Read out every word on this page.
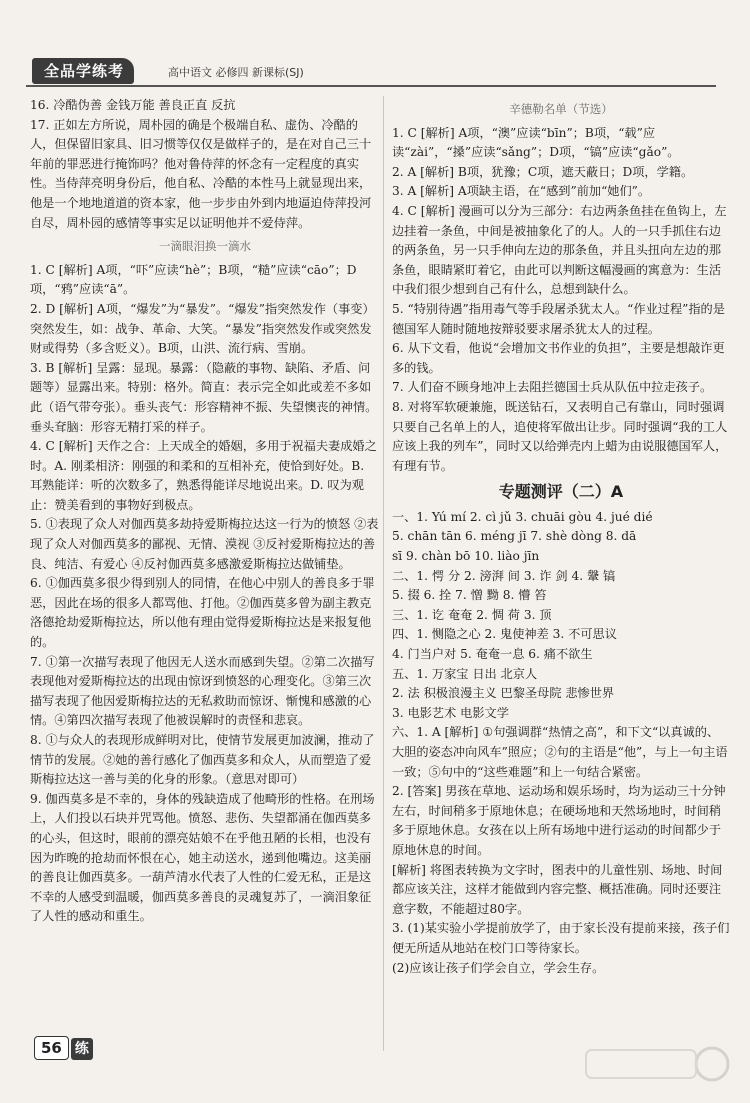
全品学练考	高中语文 必修四 新课标(SJ)
16. 冷酷伪善 金钱万能 善良正直 反抗
17. 正如左方所说，周朴园的确是个极端自私、虚伪、冷酷的人，但保留旧家具、旧习惯等仅仅是做样子的，是在对自己三十年前的罪恶进行掩饰吗？他对鲁侍萍的怀念有一定程度的真实性。当侍萍亮明身份后，他自私、冷酷的本性马上就显现出来，他是一个地地道道的资本家，他一步步由外到内地逼迫侍萍投河自尽，周朴园的感情等事实足以证明他并不爱侍萍。
一滴眼泪换一滴水
1. C [解析] A项，“吓”应读“hè”；B项，“糙”应读“cāo”；D项，“鸦”应读“ā”。
2. D [解析] A项，“爆发”为“暴发”。“爆发”指突然发作（事变）突然发生，如：战争、革命、大笑。“暴发”指突然发作或突然发财或得势（多含贬义）。B项，山洪、流行病、雪崩。
3. B [解析] 呈露：显现。暴露：（隐蔽的事物、缺陷、矛盾、问题等）显露出来。特别：格外。简直：表示完全如此或差不多如此（语气带夸张）。垂头丧气：形容精神不振、失望懊丧的神情。垂头耷脑：形容无精打采的样子。
4. C [解析] 天作之合：上天成全的婚姻，多用于祝福夫妻成婚之时。A. 刚柔相济：刚强的和柔和的互相补充，使恰到好处。B. 耳熟能详：听的次数多了，熟悉得能详尽地说出来。D. 叹为观止：赞美看到的事物好到极点。
5. ①表现了众人对伽西莫多劫持爱斯梅拉达这一行为的愤怒 ②表现了众人对伽西莫多的鄙视、无情、漠视 ③反衬爱斯梅拉达的善良、纯洁、有爱心 ④反衬伽西莫多感激爱斯梅拉达做铺垫。
6. ①伽西莫多很少得到别人的同情，在他心中别人的善良多于罪恶，因此在场的很多人都骂他、打他。②伽西莫多曾为副主教克洛德抢劫爱斯梅拉达，所以他有理由觉得爱斯梅拉达是来报复他的。
7. ①第一次描写表现了他因无人送水而感到失望。②第二次描写表现他对爱斯梅拉达的出现由惊讶到愤怒的心理变化。③第三次描写表现了他因爱斯梅拉达的无私救助而惊讶、惭愧和感激的心情。④第四次描写表现了他被误解时的责怪和悲哀。
8. ①与众人的表现形成鲜明对比，使情节发展更加波澜，推动了情节的发展。②她的善行感化了伽西莫多和众人，从而塑造了爱斯梅拉达这一善与美的化身的形象。（意思对即可）
9. 伽西莫多是不幸的，身体的残缺造成了他畸形的性格。在刑场上，人们投以石块并咒骂他。愤怒、悲伤、失望都涌在伽西莫多的心头，但这时，眼前的漂亮姑娘不在乎他丑陋的长相，也没有因为昨晚的抢劫而怀恨在心，她主动送水，递到他嘴边。这美丽的善良让伽西莫多。一葫芦清水代表了人性的仁爱无私，正是这不幸的人感受到温暖，伽西莫多善良的灵魂复苏了，一滴泪象征了人性的感动和重生。
辛德勒名单（节选）
1. C [解析] A项，“澳”应读“bīn”；B项，“载”应读“zài”，“搡”应读“sǎng”；D项，“镐”应读“gǎo”。
2. A [解析] B项，犹豫；C项，遮天蔽日；D项，学籍。
3. A [解析] A项缺主语，在“感到”前加“她们”。
4. C [解析] 漫画可以分为三部分：右边两条鱼挂在鱼钩上，左边挂着一条鱼，中间是被抽象化了的人。人的一只手抓住右边的两条鱼，另一只手伸向左边的那条鱼，并且头扭向左边的那条鱼，眼睛紧盯着它，由此可以判断这幅漫画的寓意为：生活中我们很少想到自己有什么，总想到缺什么。
5. “特别待遇”指用毒气等手段屠杀犹太人。“作业过程”指的是德国军人随时随地按辩驳要求屠杀犹太人的过程。
6. 从下文看，他说“会增加文书作业的负担”，主要是想敲诈更多的钱。
7. 人们奋不顾身地冲上去阻拦德国士兵从队伍中拉走孩子。
8. 对将军软硬兼施，既送钻石，又表明自己有靠山，同时强调只要自己名单上的人，追使将军做出让步。同时强调“我的工人应该上我的列车”，同时又以给弹壳内上蜡为由说服德国军人，有理有节。
专题测评（二）A
一、1. Yú mí 2. cì jǔ 3. chuāi gòu 4. jué dié
5. chān tān 6. méng jī 7. shè dòng 8. dā
sī 9. chàn bō 10. liào jīn
二、1. 愕 分 2. 滂湃 间 3. 诈 剑 4. 鞶 镐
5. 掇 6. 拴 7. 憎 黝 8. 懵 笞
三、1. 讫 奄奄 2. 惆 荷 3. 顶
四、1. 恻隐之心 2. 鬼使神差 3. 不可思议
4. 门当户对 5. 奄奄一息 6. 痛不欲生
五、1. 万家宝 日出 北京人
2. 法 积极浪漫主义 巴黎圣母院 悲惨世界
3. 电影艺术 电影文学
六、1. A [解析] ①句强调群“热情之高”，和下文“以真诚的、大胆的姿态冲向风车”照应；②句的主语是“他”，与上一句主语一致；⑤句中的“这些难题”和上一句结合紧密。
2. [答案] 男孩在草地、运动场和娱乐场时，均为运动三十分钟左右，时间稍多于原地休息；在硬场地和天然场地时，时间稍多于原地休息。女孩在以上所有场地中进行运动的时间都少于原地休息的时间。
[解析] 将图表转换为文字时，图表中的儿童性别、场地、时间都应该关注，这样才能做到内容完整、概括准确。同时还要注意字数，不能超过80字。
3. (1)某实验小学提前放学了，由于家长没有提前来接，孩子们便无所适从地站在校门口等待家长。
(2)应该让孩子们学会自立，学会生存。
56 练
